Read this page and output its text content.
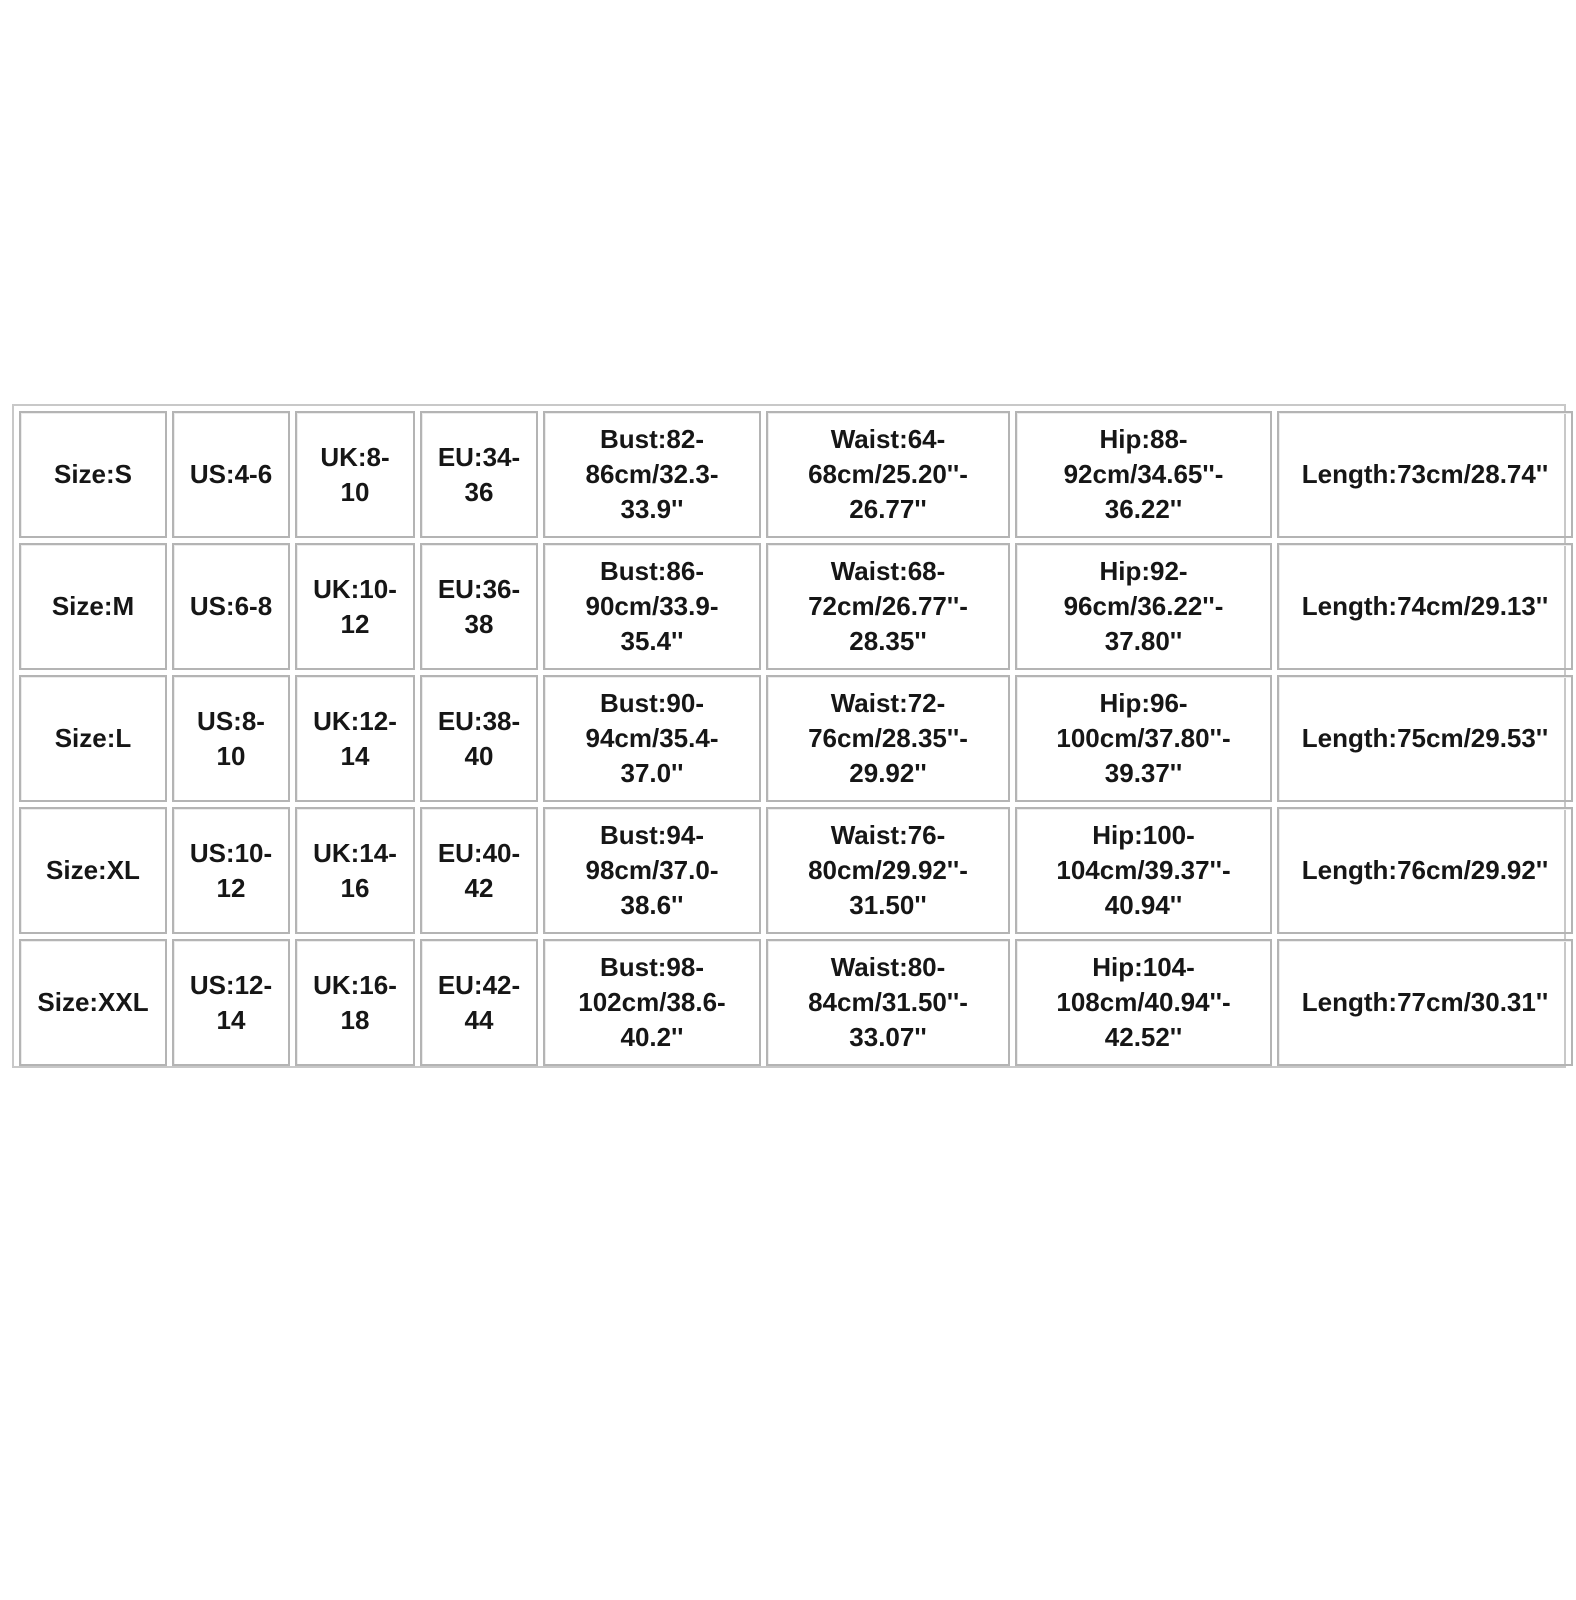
Size:S	US:4-6	UK:8-
10	EU:34-
36	Bust:82-
86cm/32.3-
33.9''	Waist:64-
68cm/25.20''-
26.77''	Hip:88-
92cm/34.65''-
36.22''	Length:73cm/28.74''
Size:M	US:6-8	UK:10-
12	EU:36-
38	Bust:86-
90cm/33.9-
35.4''	Waist:68-
72cm/26.77''-
28.35''	Hip:92-
96cm/36.22''-
37.80''	Length:74cm/29.13''
Size:L	US:8-
10	UK:12-
14	EU:38-
40	Bust:90-
94cm/35.4-
37.0''	Waist:72-
76cm/28.35''-
29.92''	Hip:96-
100cm/37.80''-
39.37''	Length:75cm/29.53''
Size:XL	US:10-
12	UK:14-
16	EU:40-
42	Bust:94-
98cm/37.0-
38.6''	Waist:76-
80cm/29.92''-
31.50''	Hip:100-
104cm/39.37''-
40.94''	Length:76cm/29.92''
Size:XXL	US:12-
14	UK:16-
18	EU:42-
44	Bust:98-
102cm/38.6-
40.2''	Waist:80-
84cm/31.50''-
33.07''	Hip:104-
108cm/40.94''-
42.52''	Length:77cm/30.31''
